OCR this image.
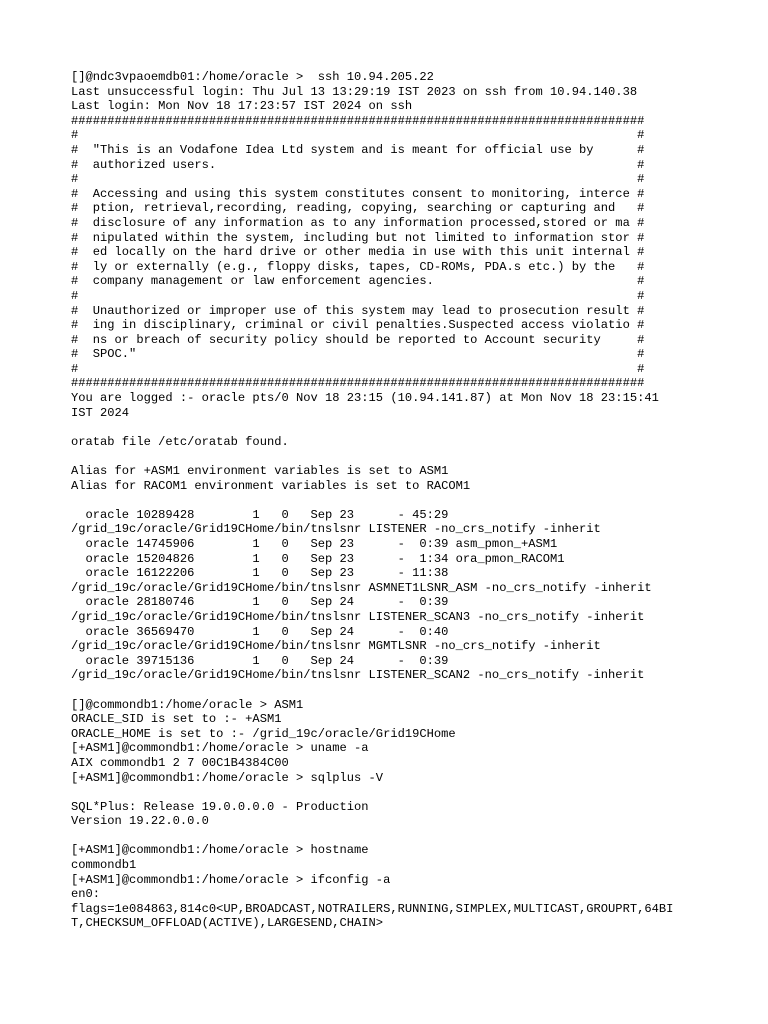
[]@ndc3vpaoemdb01:/home/oracle >  ssh 10.94.205.22
Last unsuccessful login: Thu Jul 13 13:29:19 IST 2023 on ssh from 10.94.140.38
Last login: Mon Nov 18 17:23:57 IST 2024 on ssh
###############################################################################
#                                                                             #
#  "This is an Vodafone Idea Ltd system and is meant for official use by      #
#  authorized users.                                                          #
#                                                                             #
#  Accessing and using this system constitutes consent to monitoring, interce #
#  ption, retrieval,recording, reading, copying, searching or capturing and   #
#  disclosure of any information as to any information processed,stored or ma #
#  nipulated within the system, including but not limited to information stor #
#  ed locally on the hard drive or other media in use with this unit internal #
#  ly or externally (e.g., floppy disks, tapes, CD-ROMs, PDA.s etc.) by the   #
#  company management or law enforcement agencies.                            #
#                                                                             #
#  Unauthorized or improper use of this system may lead to prosecution result #
#  ing in disciplinary, criminal or civil penalties.Suspected access violatio #
#  ns or breach of security policy should be reported to Account security     #
#  SPOC."                                                                     #
#                                                                             #
###############################################################################
You are logged :- oracle pts/0 Nov 18 23:15 (10.94.141.87) at Mon Nov 18 23:15:41
IST 2024
oratab file /etc/oratab found.
Alias for +ASM1 environment variables is set to ASM1
Alias for RACOM1 environment variables is set to RACOM1
oracle 10289428        1   0   Sep 23      - 45:29
/grid_19c/oracle/Grid19CHome/bin/tnslsnr LISTENER -no_crs_notify -inherit
oracle 14745906        1   0   Sep 23      -  0:39 asm_pmon_+ASM1
oracle 15204826        1   0   Sep 23      -  1:34 ora_pmon_RACOM1
oracle 16122206        1   0   Sep 23      - 11:38
/grid_19c/oracle/Grid19CHome/bin/tnslsnr ASMNET1LSNR_ASM -no_crs_notify -inherit
oracle 28180746        1   0   Sep 24      -  0:39
/grid_19c/oracle/Grid19CHome/bin/tnslsnr LISTENER_SCAN3 -no_crs_notify -inherit
oracle 36569470        1   0   Sep 24      -  0:40
/grid_19c/oracle/Grid19CHome/bin/tnslsnr MGMTLSNR -no_crs_notify -inherit
oracle 39715136        1   0   Sep 24      -  0:39
/grid_19c/oracle/Grid19CHome/bin/tnslsnr LISTENER_SCAN2 -no_crs_notify -inherit
[]@commondb1:/home/oracle > ASM1
ORACLE_SID is set to :- +ASM1
ORACLE_HOME is set to :- /grid_19c/oracle/Grid19CHome
[+ASM1]@commondb1:/home/oracle > uname -a
AIX commondb1 2 7 00C1B4384C00
[+ASM1]@commondb1:/home/oracle > sqlplus -V
SQL*Plus: Release 19.0.0.0.0 - Production
Version 19.22.0.0.0
[+ASM1]@commondb1:/home/oracle > hostname
commondb1
[+ASM1]@commondb1:/home/oracle > ifconfig -a
en0:
flags=1e084863,814c0<UP,BROADCAST,NOTRAILERS,RUNNING,SIMPLEX,MULTICAST,GROUPRT,64BI
T,CHECKSUM_OFFLOAD(ACTIVE),LARGESEND,CHAIN>
